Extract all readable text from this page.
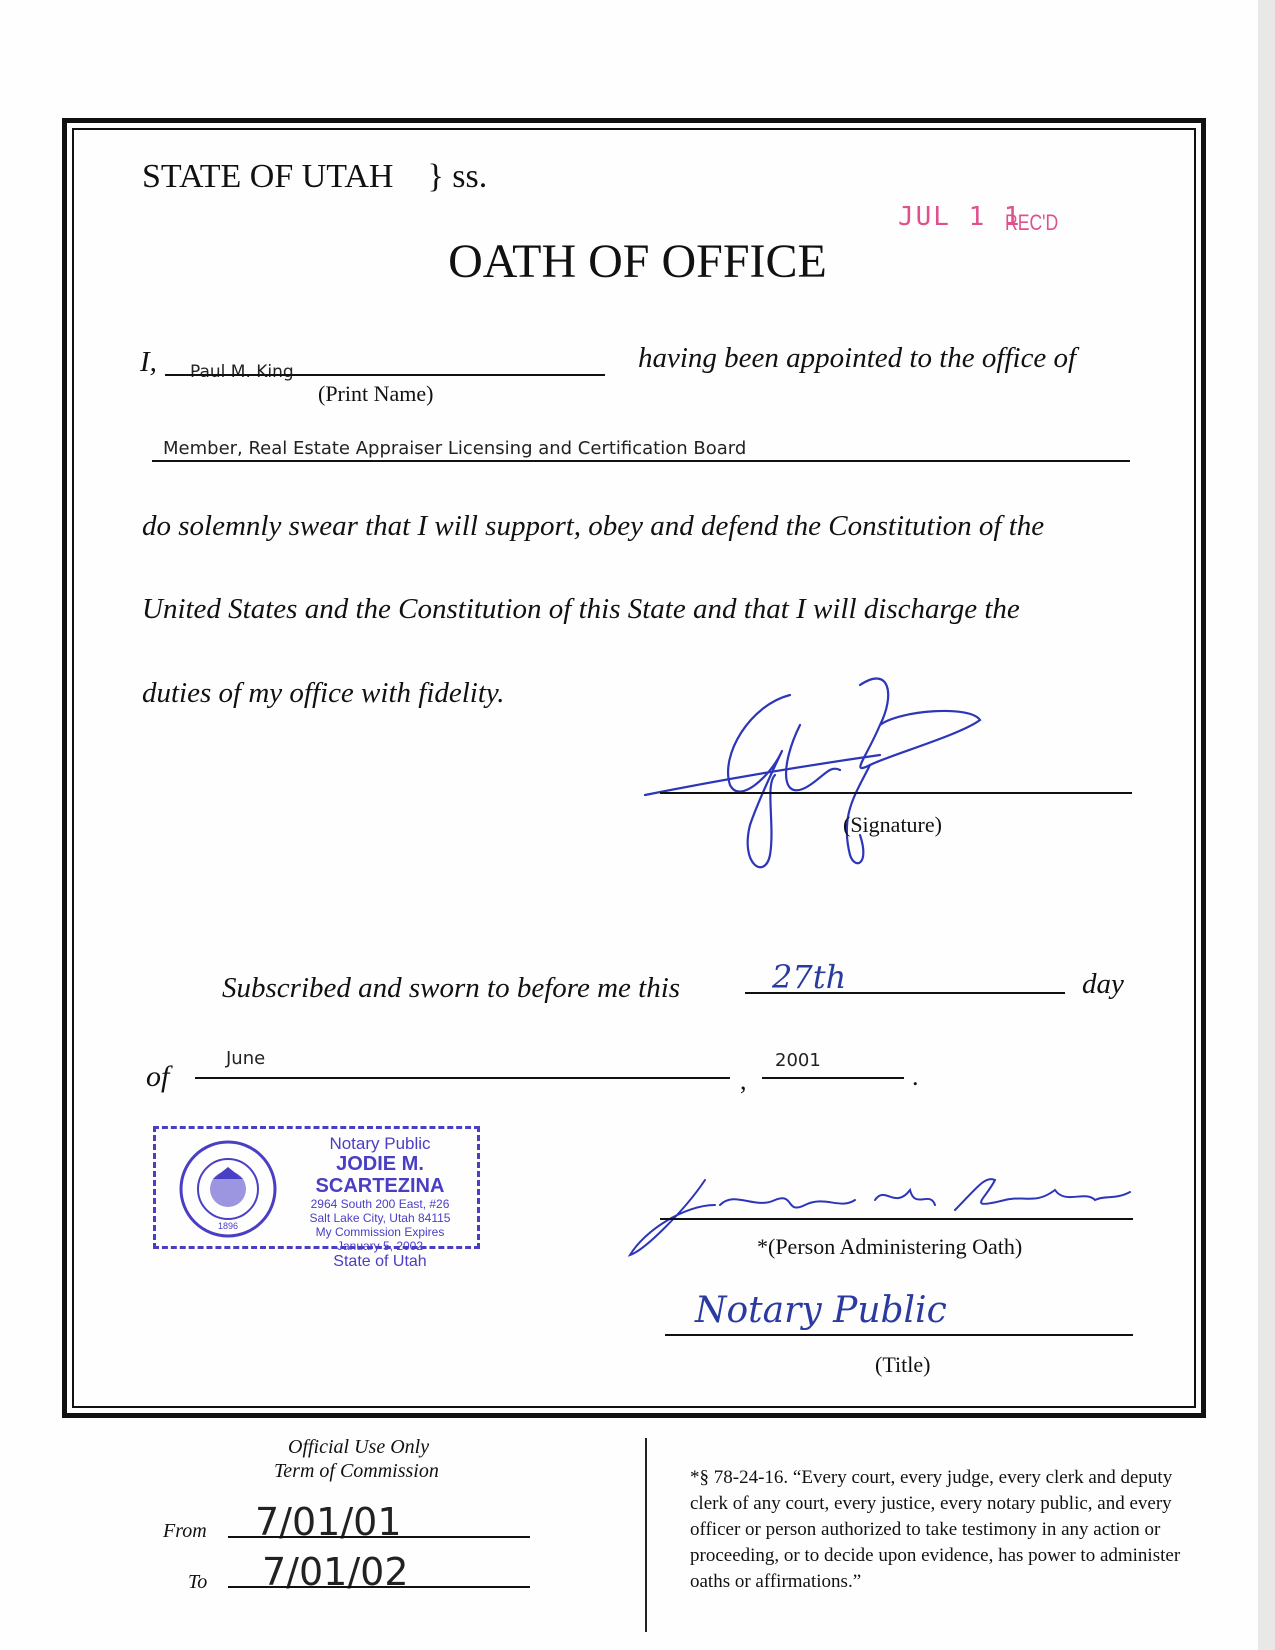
STATE OF UTAH } ss.
JUL 1 1
REC'D
OATH OF OFFICE
I, Paul M. King
(Print Name)
having been appointed to the office of
Member, Real Estate Appraiser Licensing and Certification Board
do solemnly swear that I will support, obey and defend the Constitution of the
United States and the Constitution of this State and that I will discharge the
duties of my office with fidelity.
(Signature)
Subscribed and sworn to before me this	27th	day
of
June
,
2001
.
1896
Notary Public
JODIE M. SCARTEZINA
2964 South 200 East, #26
Salt Lake City, Utah 84115
My Commission Expires
January 5, 2002
State of Utah
*(Person Administering Oath)
Notary Public
(Title)
Official Use Only
Term of Commission
From 7/01/01
To 7/01/02
*§ 78-24-16. “Every court, every judge, every clerk and deputy clerk of any court, every justice, every notary public, and every officer or person authorized to take testimony in any action or proceeding, or to decide upon evidence, has power to administer oaths or affirmations.”
